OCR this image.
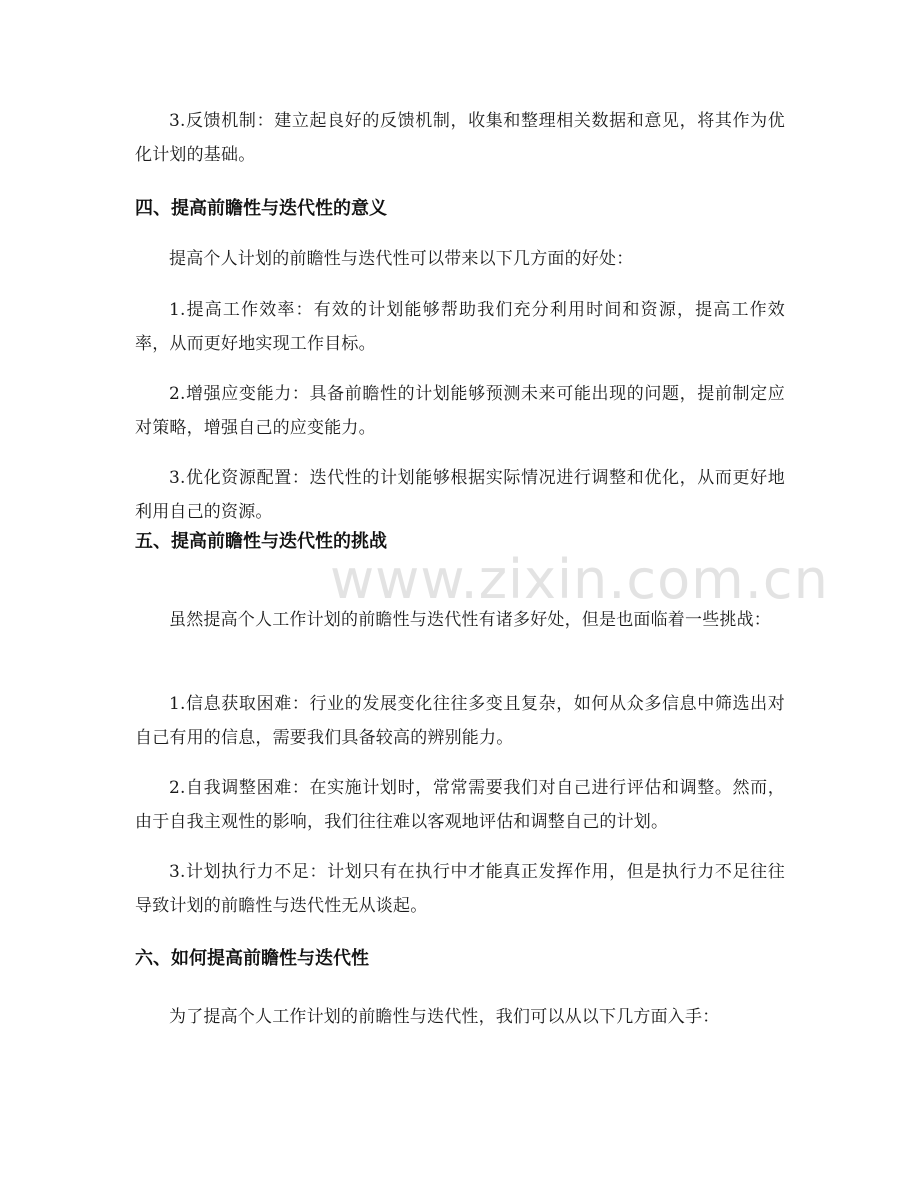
www.zixin.com.cn

3.反馈机制：建立起良好的反馈机制，收集和整理相关数据和意见，将其作为优化计划的基础。

四、提高前瞻性与迭代性的意义

提高个人计划的前瞻性与迭代性可以带来以下几方面的好处：

1.提高工作效率：有效的计划能够帮助我们充分利用时间和资源，提高工作效率，从而更好地实现工作目标。

2.增强应变能力：具备前瞻性的计划能够预测未来可能出现的问题，提前制定应对策略，增强自己的应变能力。

3.优化资源配置：迭代性的计划能够根据实际情况进行调整和优化，从而更好地利用自己的资源。

五、提高前瞻性与迭代性的挑战

虽然提高个人工作计划的前瞻性与迭代性有诸多好处，但是也面临着一些挑战：

1.信息获取困难：行业的发展变化往往多变且复杂，如何从众多信息中筛选出对自己有用的信息，需要我们具备较高的辨别能力。

2.自我调整困难：在实施计划时，常常需要我们对自己进行评估和调整。然而，由于自我主观性的影响，我们往往难以客观地评估和调整自己的计划。

3.计划执行力不足：计划只有在执行中才能真正发挥作用，但是执行力不足往往导致计划的前瞻性与迭代性无从谈起。

六、如何提高前瞻性与迭代性

为了提高个人工作计划的前瞻性与迭代性，我们可以从以下几方面入手：
